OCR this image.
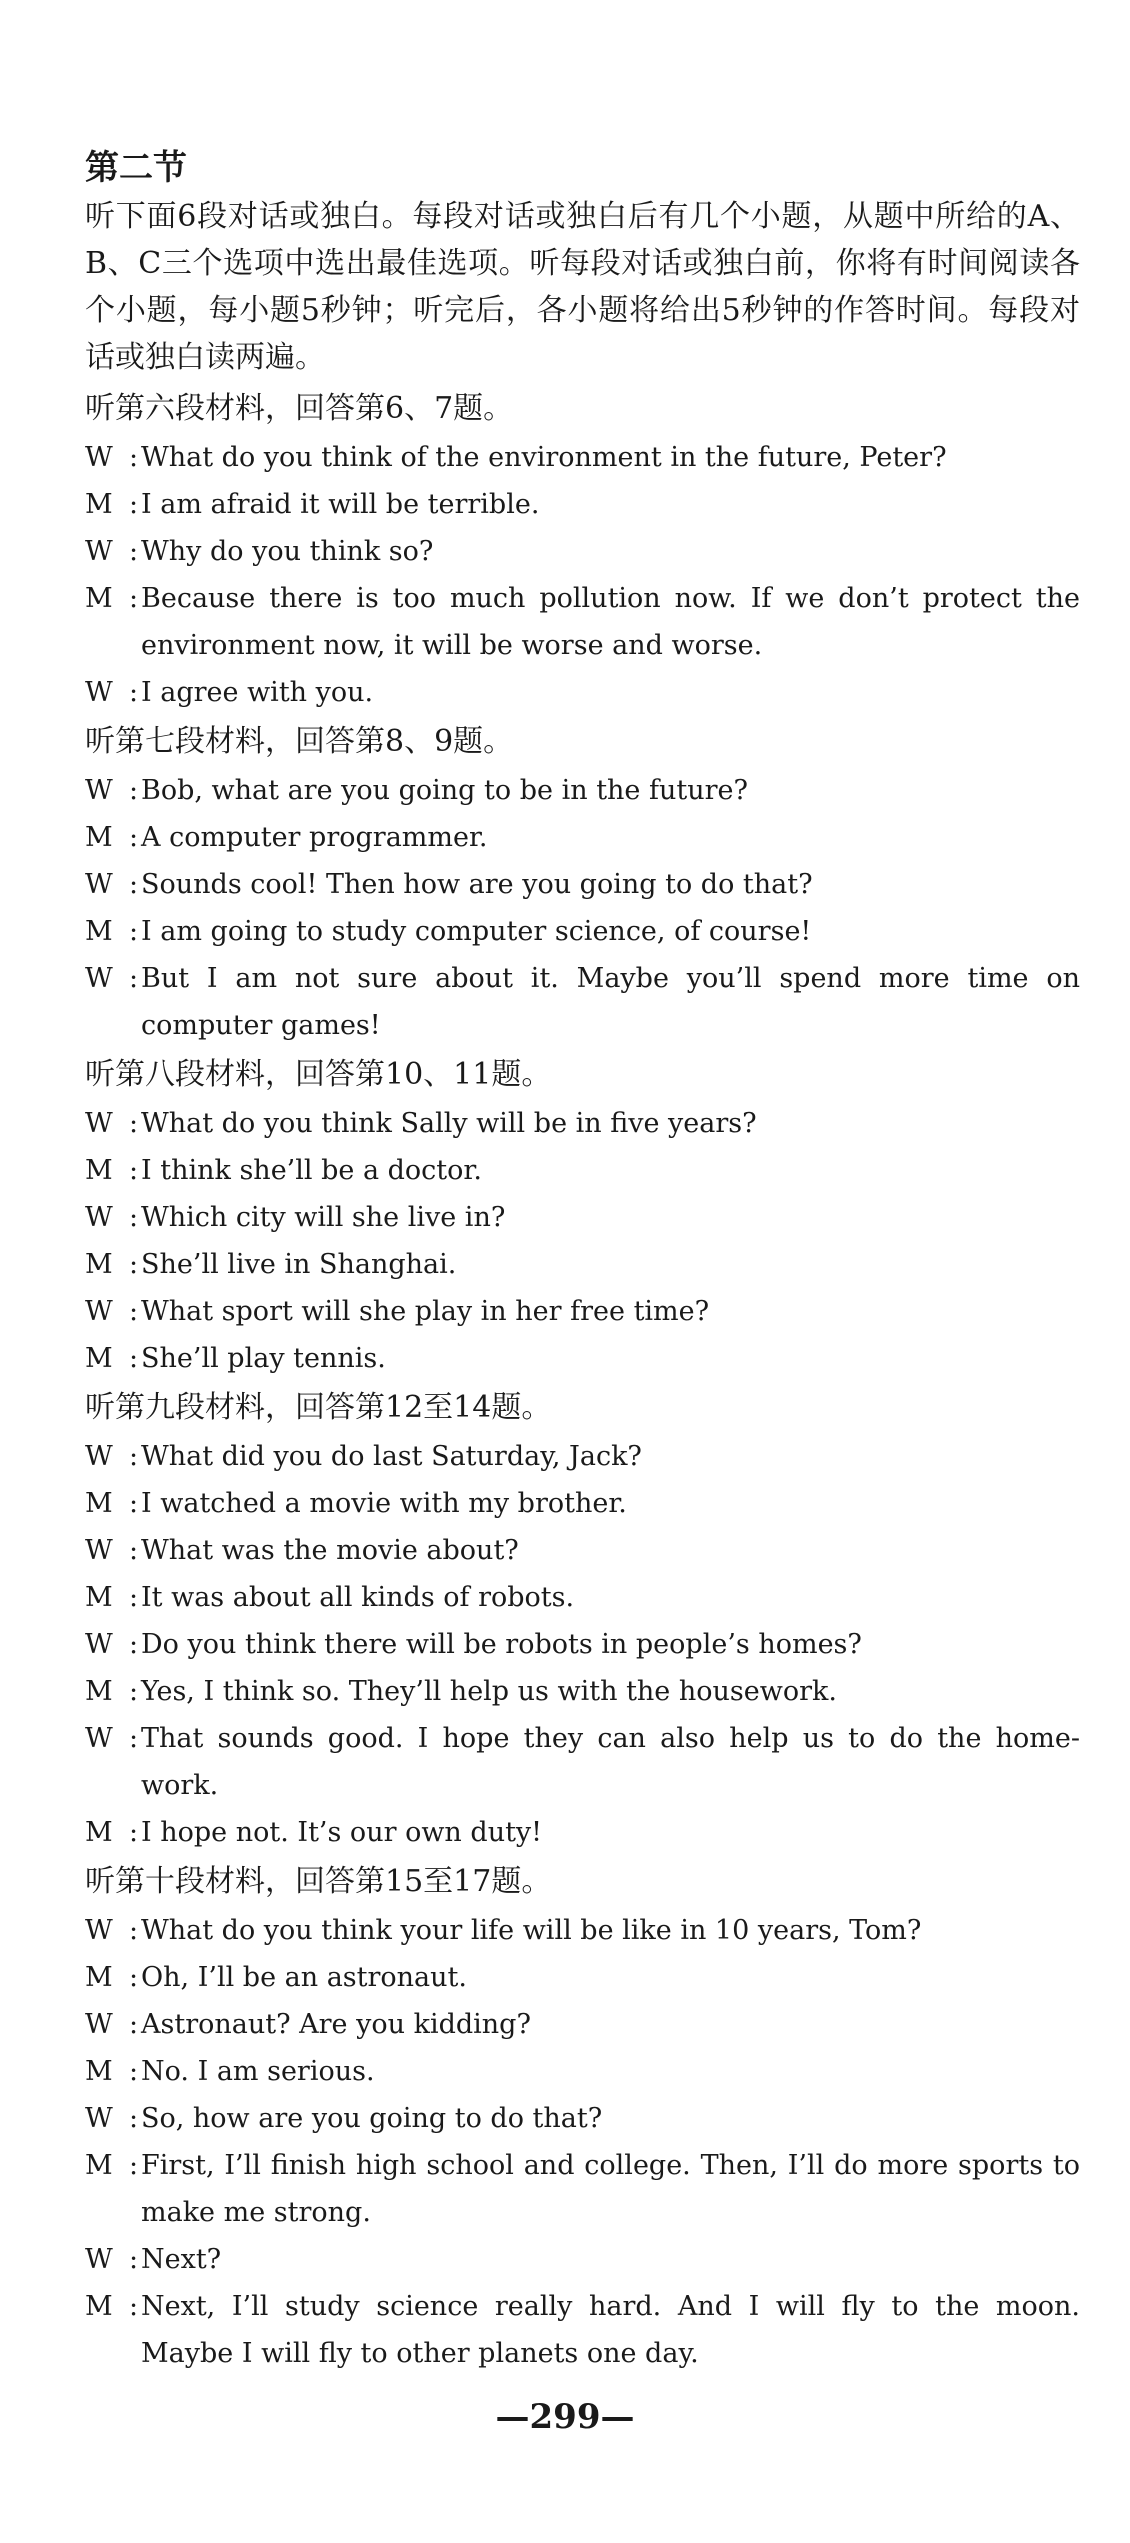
第二节

听下面6段对话或独白。每段对话或独白后有几个小题，从题中所给的A、B、C三个选项中选出最佳选项。听每段对话或独白前，你将有时间阅读各个小题，每小题5秒钟；听完后，各小题将给出5秒钟的作答时间。每段对话或独白读两遍。

听第六段材料，回答第6、7题。
W : What do you think of the environment in the future, Peter?
M : I am afraid it will be terrible.
W : Why do you think so?
M : Because there is too much pollution now. If we don’t protect the environment now, it will be worse and worse.
W : I agree with you.
听第七段材料，回答第8、9题。
W : Bob, what are you going to be in the future?
M : A computer programmer.
W : Sounds cool! Then how are you going to do that?
M : I am going to study computer science, of course!
W : But I am not sure about it. Maybe you’ll spend more time on computer games!
听第八段材料，回答第10、11题。
W : What do you think Sally will be in five years?
M : I think she’ll be a doctor.
W : Which city will she live in?
M : She’ll live in Shanghai.
W : What sport will she play in her free time?
M : She’ll play tennis.
听第九段材料，回答第12至14题。
W : What did you do last Saturday, Jack?
M : I watched a movie with my brother.
W : What was the movie about?
M : It was about all kinds of robots.
W : Do you think there will be robots in people’s homes?
M : Yes, I think so. They’ll help us with the housework.
W : That sounds good. I hope they can also help us to do the home-work.
M : I hope not. It’s our own duty!
听第十段材料，回答第15至17题。
W : What do you think your life will be like in 10 years, Tom?
M : Oh, I’ll be an astronaut.
W : Astronaut? Are you kidding?
M : No. I am serious.
W : So, how are you going to do that?
M : First, I’ll finish high school and college. Then, I’ll do more sports to make me strong.
W : Next?
M : Next, I’ll study science really hard. And I will fly to the moon. Maybe I will fly to other planets one day.
—299—
